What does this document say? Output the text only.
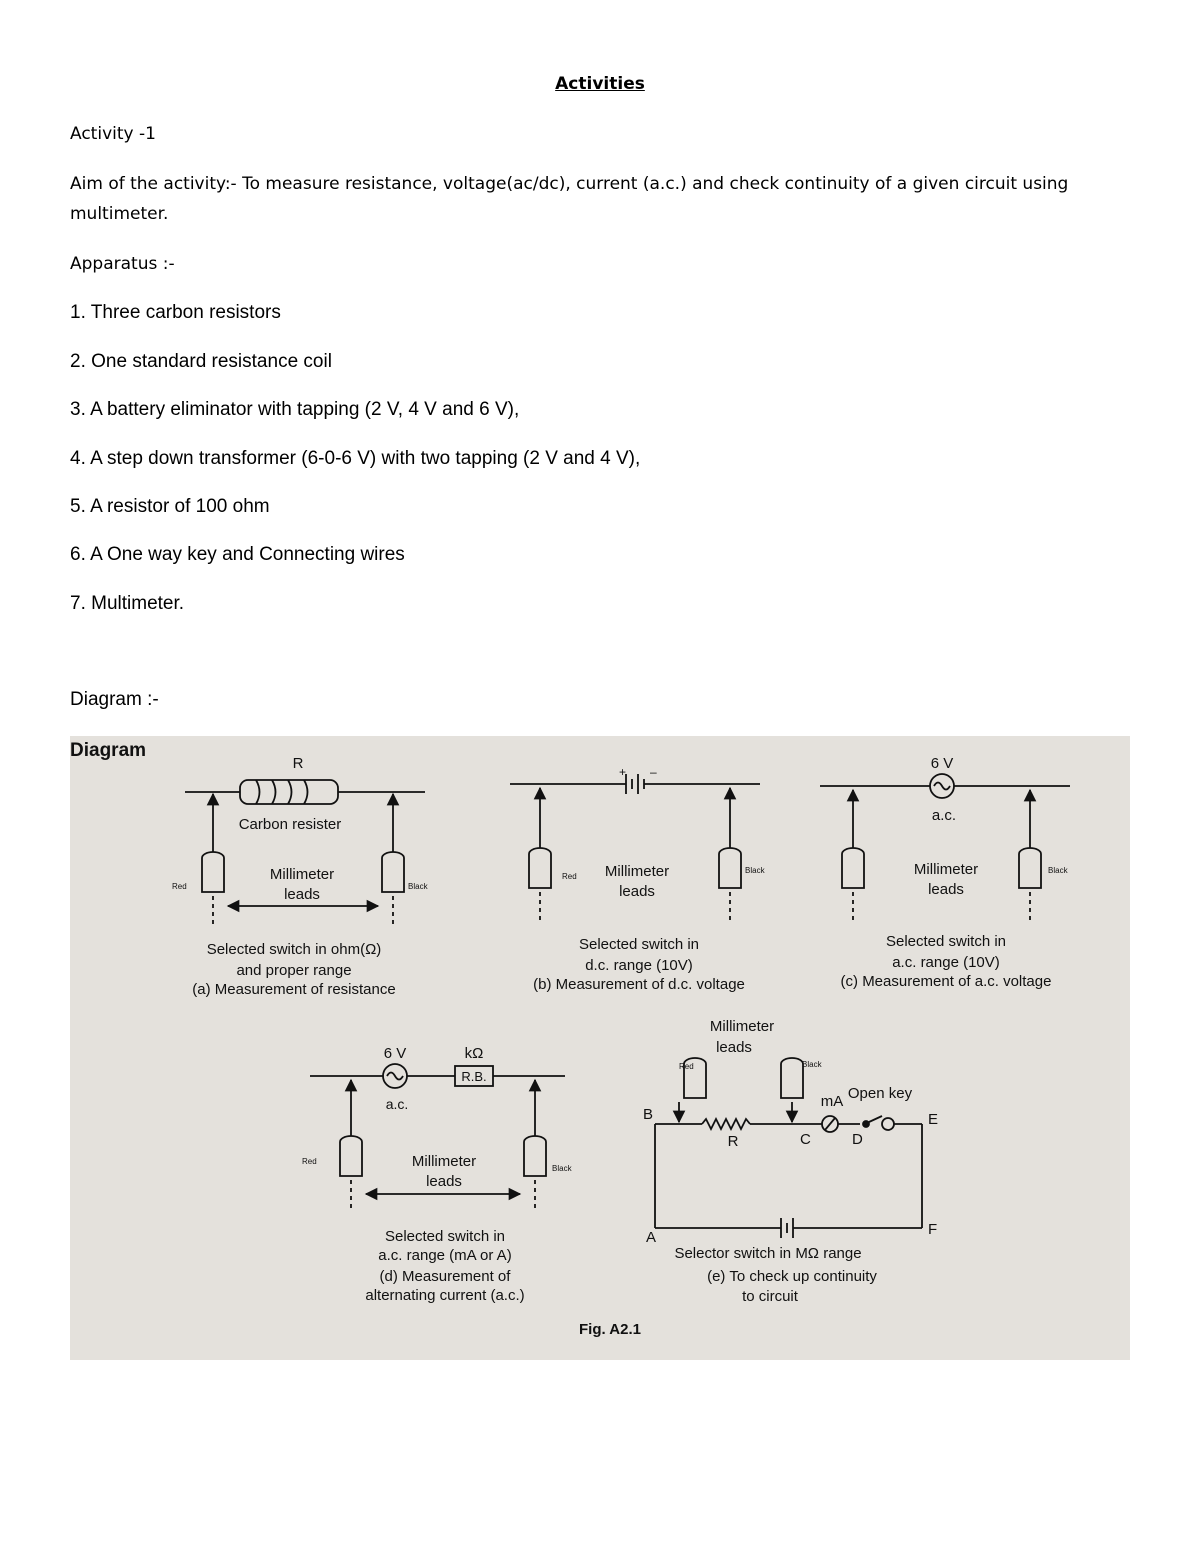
Activities
Activity -1
Aim of the activity:- To measure resistance, voltage(ac/dc), current (a.c.) and check continuity of a given circuit using multimeter.
Apparatus :-
1. Three carbon resistors
2. One standard resistance coil
3. A battery eliminator with tapping (2 V, 4 V and 6 V),
4. A step down transformer (6-0-6 V) with two tapping (2 V and 4 V),
5. A resistor of 100 ohm
6. A One way key and Connecting wires
7. Multimeter.
Diagram :-
Diagram
R
Carbon resister
Millimeter
leads
Red	Black
Selected switch in ohm(Ω)
and proper range
(a) Measurement of resistance
+ –
Millimeter
leads
Red
Black
Selected switch in
d.c. range (10V)
(b) Measurement of d.c. voltage
6 V
a.c.
Millimeter
leads
Black
Selected switch in
a.c. range (10V)
(c) Measurement of a.c. voltage
6 V	kΩ
R.B.
a.c.
Millimeter
leads
Red
Black
Selected switch in
a.c. range (mA or A)
(d) Measurement of
alternating current (a.c.)
Millimeter
leads
Red	Black
mA Open key
A
B
C	D
E
F
R
Selector switch in MΩ range
(e) To check up continuity
to circuit
Fig. A2.1
